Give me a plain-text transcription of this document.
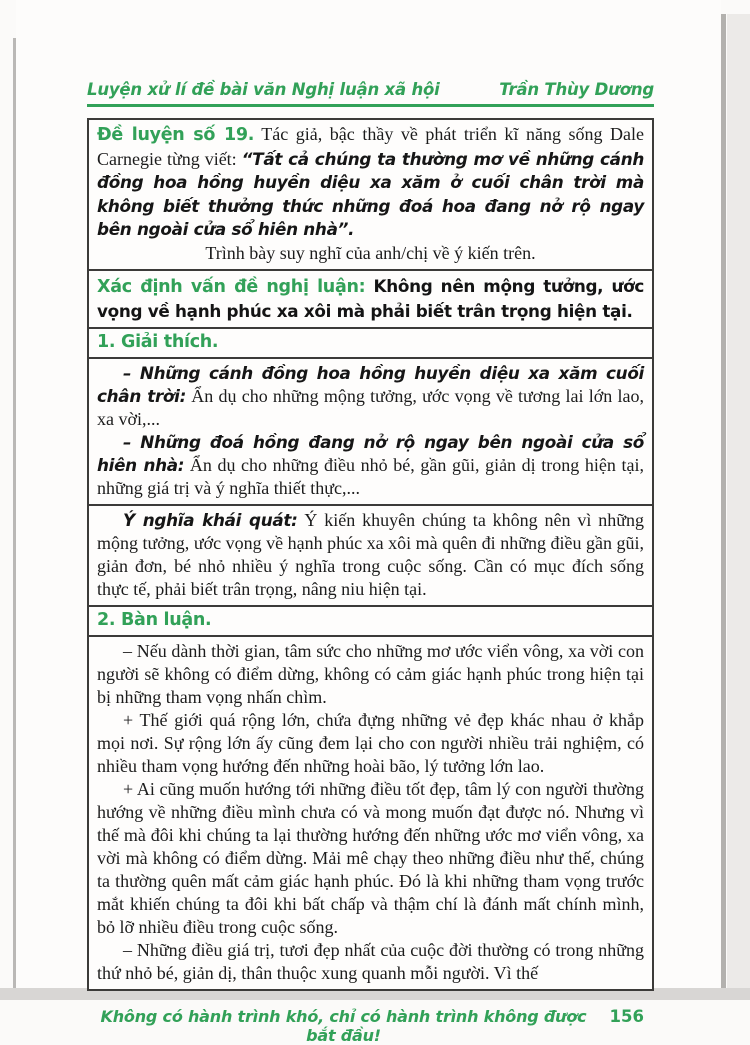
Luyện xử lí đề bài văn Nghị luận xã hội	Trần Thùy Dương

Đề luyện số 19. Tác giả, bậc thầy về phát triển kĩ năng sống Dale Carnegie từng viết: “Tất cả chúng ta thường mơ về những cánh đồng hoa hồng huyền diệu xa xăm ở cuối chân trời mà không biết thưởng thức những đoá hoa đang nở rộ ngay bên ngoài cửa sổ hiên nhà”.

Trình bày suy nghĩ của anh/chị về ý kiến trên.

Xác định vấn đề nghị luận: Không nên mộng tưởng, ước vọng về hạnh phúc xa xôi mà phải biết trân trọng hiện tại.
1. Giải thích.

– Những cánh đồng hoa hồng huyền diệu xa xăm cuối chân trời: Ẩn dụ cho những mộng tưởng, ước vọng về tương lai lớn lao, xa vời,...

– Những đoá hồng đang nở rộ ngay bên ngoài cửa sổ hiên nhà: Ẩn dụ cho những điều nhỏ bé, gần gũi, giản dị trong hiện tại, những giá trị và ý nghĩa thiết thực,...

Ý nghĩa khái quát: Ý kiến khuyên chúng ta không nên vì những mộng tưởng, ước vọng về hạnh phúc xa xôi mà quên đi những điều gần gũi, giản đơn, bé nhỏ nhiều ý nghĩa trong cuộc sống. Cần có mục đích sống thực tế, phải biết trân trọng, nâng niu hiện tại.

2. Bàn luận.

– Nếu dành thời gian, tâm sức cho những mơ ước viển vông, xa vời con người sẽ không có điểm dừng, không có cảm giác hạnh phúc trong hiện tại bị những tham vọng nhấn chìm.

+ Thế giới quá rộng lớn, chứa đựng những vẻ đẹp khác nhau ở khắp mọi nơi. Sự rộng lớn ấy cũng đem lại cho con người nhiều trải nghiệm, có nhiều tham vọng hướng đến những hoài bão, lý tưởng lớn lao.

+ Ai cũng muốn hướng tới những điều tốt đẹp, tâm lý con người thường hướng về những điều mình chưa có và mong muốn đạt được nó. Nhưng vì thế mà đôi khi chúng ta lại thường hướng đến những ước mơ viển vông, xa vời mà không có điểm dừng. Mải mê chạy theo những điều như thế, chúng ta thường quên mất cảm giác hạnh phúc. Đó là khi những tham vọng trước mắt khiến chúng ta đôi khi bất chấp và thậm chí là đánh mất chính mình, bỏ lỡ nhiều điều trong cuộc sống.

– Những điều giá trị, tươi đẹp nhất của cuộc đời thường có trong những thứ nhỏ bé, giản dị, thân thuộc xung quanh mỗi người. Vì thế

Không có hành trình khó, chỉ có hành trình không được bắt đầu!
156
